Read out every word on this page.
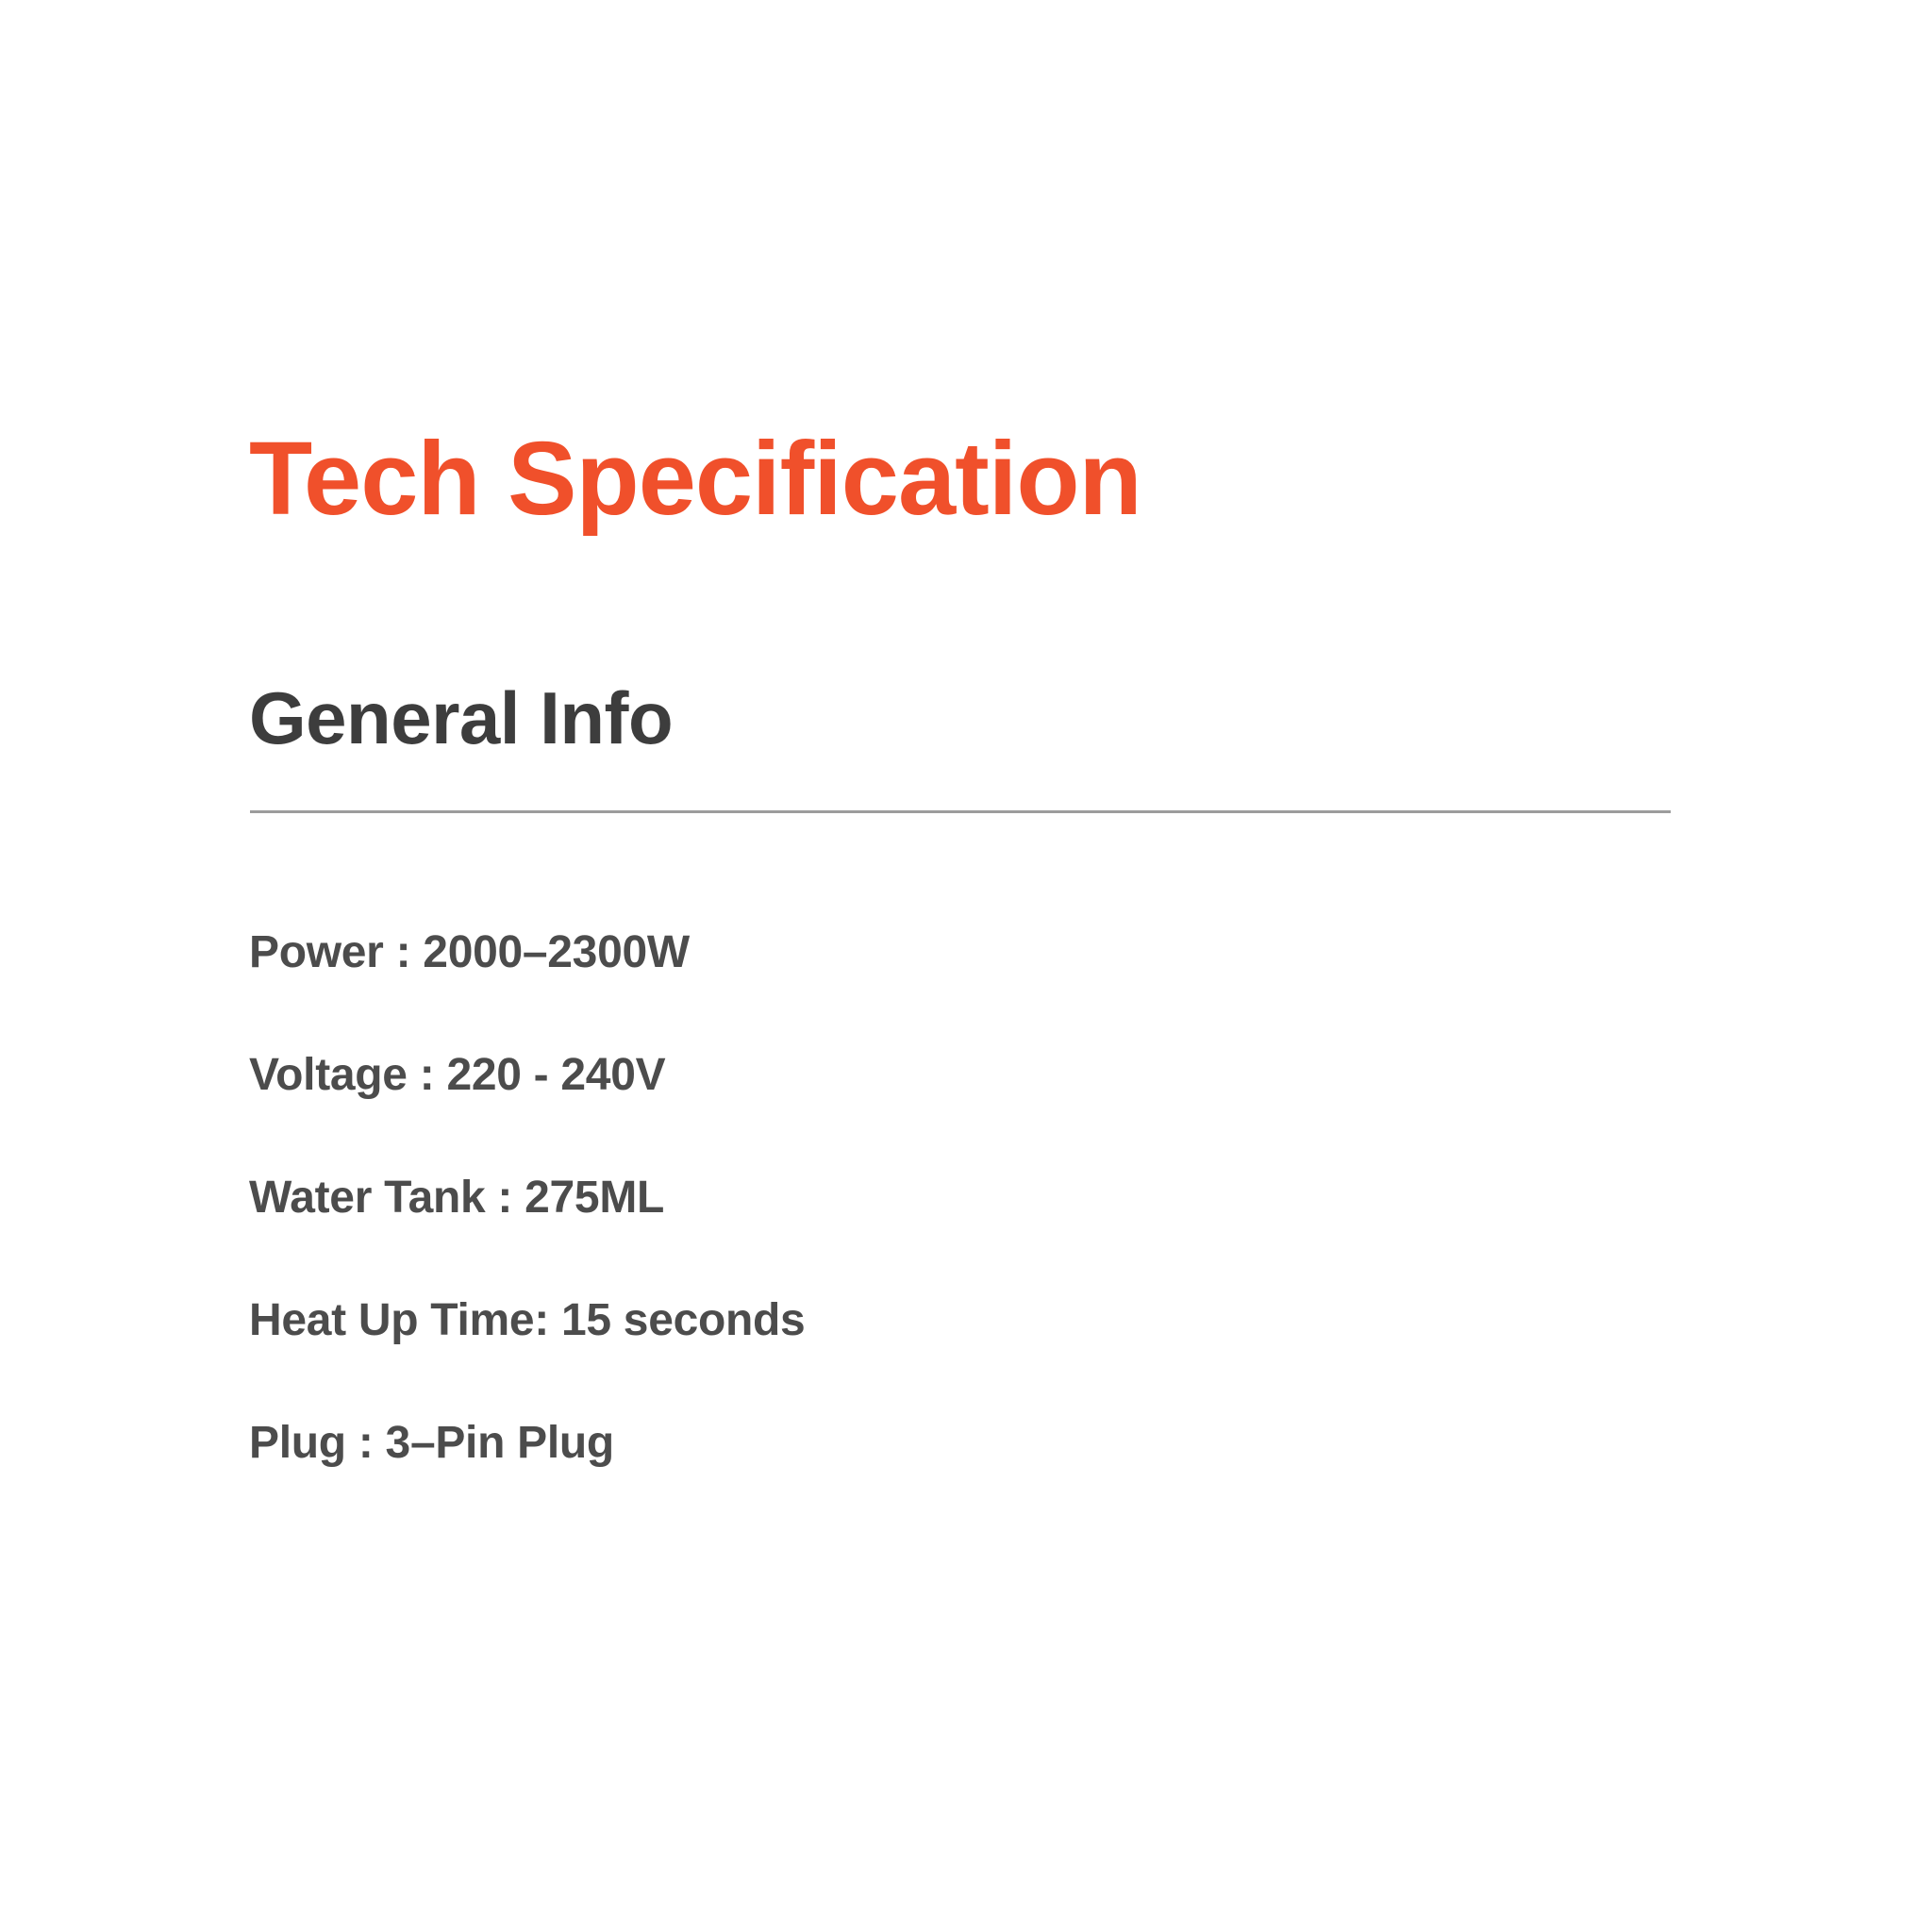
Tech Specification
General Info
Power : 2000–2300W
Voltage : 220 - 240V
Water Tank : 275ML
Heat Up Time: 15 seconds
Plug : 3–Pin Plug
